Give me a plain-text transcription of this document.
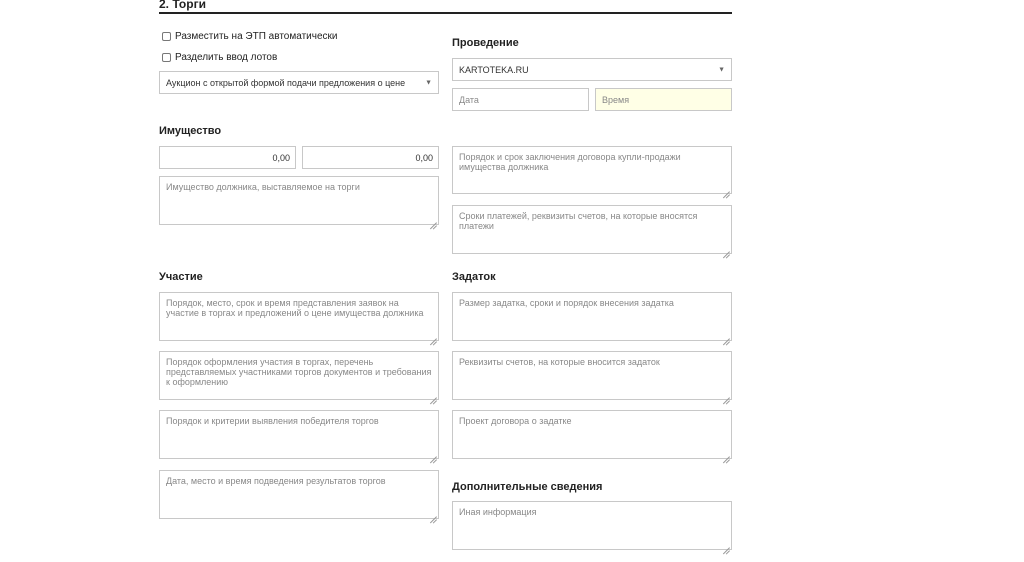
2. Торги
Разместить на ЭТП автоматически
Разделить ввод лотов
Аукцион с открытой формой подачи предложения о цене	▼
Проведение
KARTOTEKA.RU	▼
Дата	Время
Имущество
0,00	0,00
Имущество должника, выставляемое на торги
Порядок и срок заключения договора купли-продажи имущества должника
Сроки платежей, реквизиты счетов, на которые вносятся платежи
Участие
Порядок, место, срок и время представления заявок на участие в торгах и предложений о цене имущества должника
Порядок оформления участия в торгах, перечень представляемых участниками торгов документов и требования к оформлению
Порядок и критерии выявления победителя торгов
Дата, место и время подведения результатов торгов
Задаток
Размер задатка, сроки и порядок внесения задатка
Реквизиты счетов, на которые вносится задаток
Проект договора о задатке
Дополнительные сведения
Иная информация
